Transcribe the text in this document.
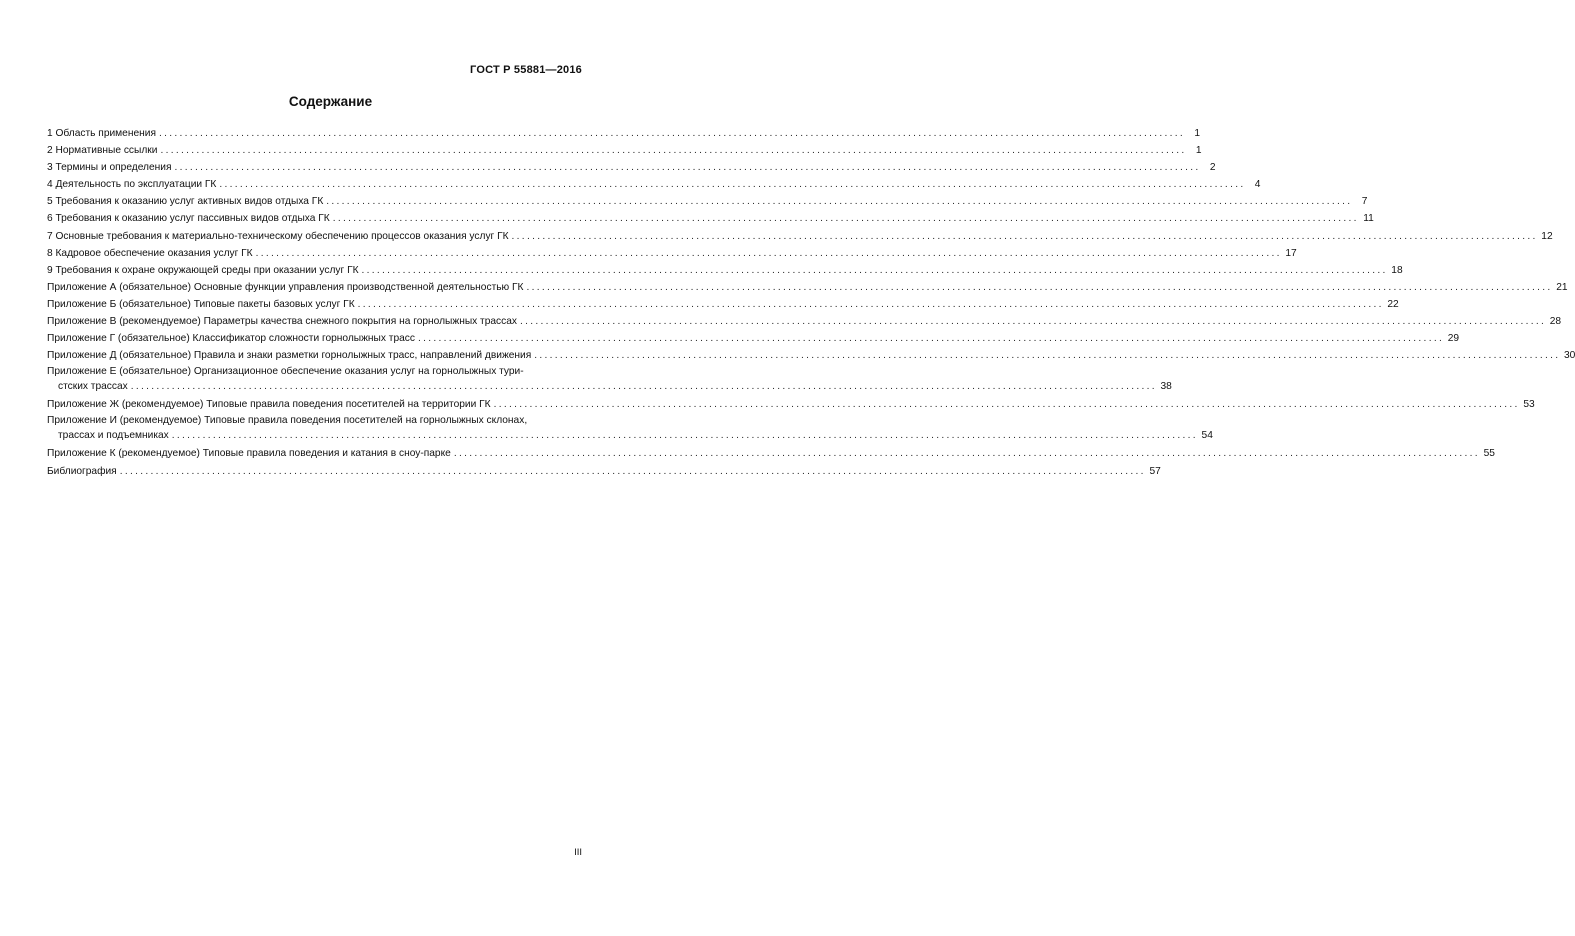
ГОСТ Р 55881—2016
Содержание
1 Область применения ........................................................................................................................................................................................................ 1
2 Нормативные ссылки ........................................................................................................................................................................................................ 1
3 Термины и определения ........................................................................................................................................................................................................ 2
4 Деятельность по эксплуатации ГК ........................................................................................................................................................................................................ 4
5 Требования к оказанию услуг активных видов отдыха ГК ........................................................................................................................................................................................................ 7
6 Требования к оказанию услуг пассивных видов отдыха ГК ........................................................................................................................................................................................................ 11
7 Основные требования к материально-техническому обеспечению процессов оказания услуг ГК ........................................................................................................................................................................................................ 12
8 Кадровое обеспечение оказания услуг ГК ........................................................................................................................................................................................................ 17
9 Требования к охране окружающей среды при оказании услуг ГК ........................................................................................................................................................................................................ 18
Приложение А (обязательное) Основные функции управления производственной деятельностью ГК ........................................................................................................................................................................................................ 21
Приложение Б (обязательное) Типовые пакеты базовых услуг ГК ........................................................................................................................................................................................................ 22
Приложение В (рекомендуемое) Параметры качества снежного покрытия на горнолыжных трассах ........................................................................................................................................................................................................ 28
Приложение Г (обязательное) Классификатор сложности горнолыжных трасс ........................................................................................................................................................................................................ 29
Приложение Д (обязательное) Правила и знаки разметки горнолыжных трасс, направлений движения ........................................................................................................................................................................................................ 30
Приложение Е (обязательное) Организационное обеспечение оказания услуг на горнолыжных тури-
стских трассах ........................................................................................................................................................................................................ 38
Приложение Ж (рекомендуемое) Типовые правила поведения посетителей на территории ГК ........................................................................................................................................................................................................ 53
Приложение И (рекомендуемое) Типовые правила поведения посетителей на горнолыжных склонах,
трассах и подъемниках ........................................................................................................................................................................................................ 54
Приложение К (рекомендуемое) Типовые правила поведения и катания в сноу-парке ........................................................................................................................................................................................................ 55
Библиография ........................................................................................................................................................................................................ 57
III
